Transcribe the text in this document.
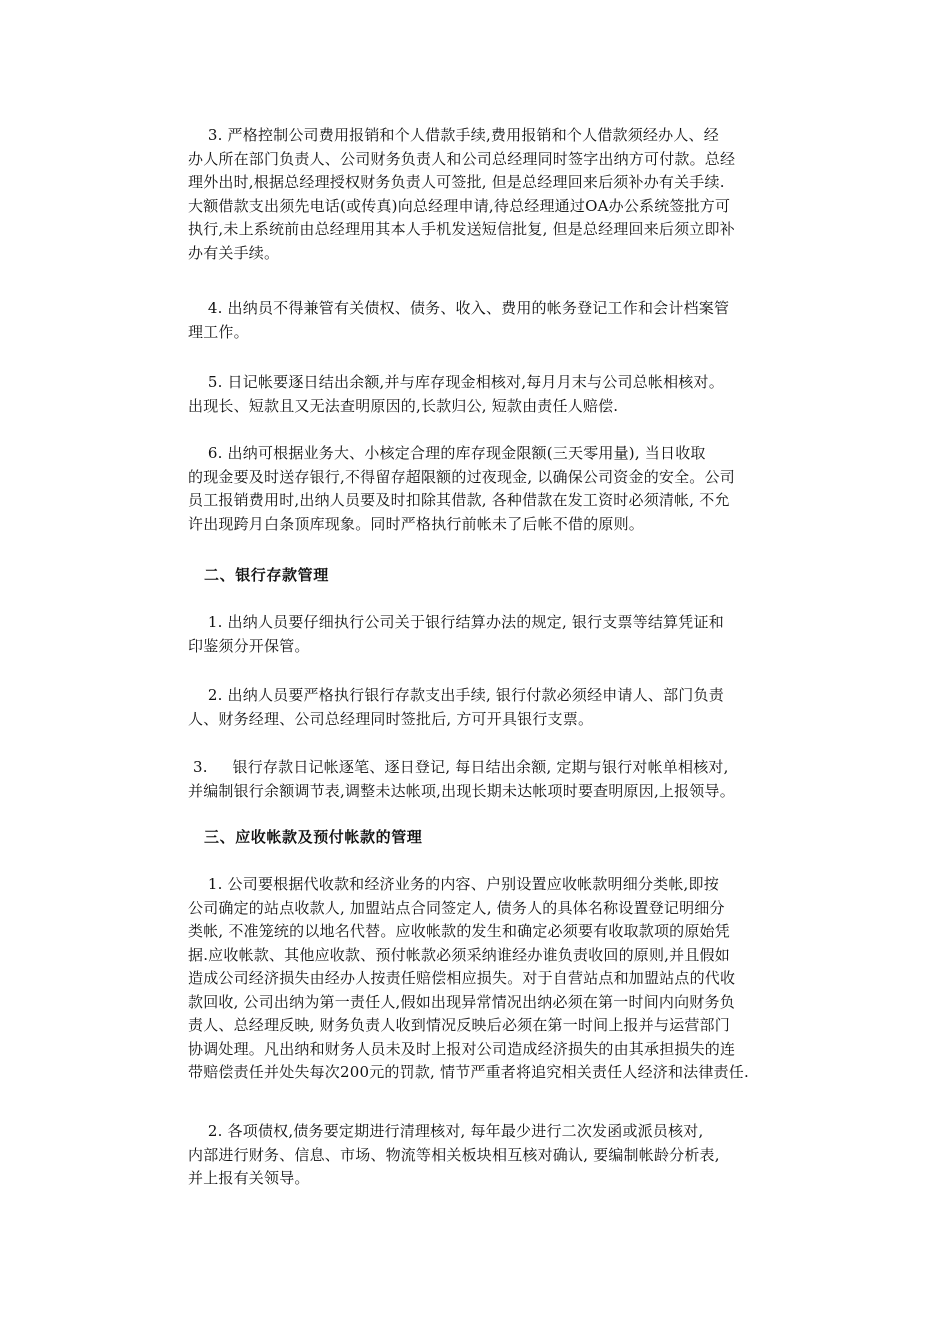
3. 严格控制公司费用报销和个人借款手续,费用报销和个人借款须经办人、经
办人所在部门负责人、公司财务负责人和公司总经理同时签字出纳方可付款。总经
理外出时,根据总经理授权财务负责人可签批, 但是总经理回来后须补办有关手续.
大额借款支出须先电话(或传真)向总经理申请,待总经理通过OA办公系统签批方可
执行,未上系统前由总经理用其本人手机发送短信批复, 但是总经理回来后须立即补
办有关手续。
4. 出纳员不得兼管有关债权、债务、收入、费用的帐务登记工作和会计档案管
理工作。
5. 日记帐要逐日结出余额,并与库存现金相核对,每月月末与公司总帐相核对。
出现长、短款且又无法查明原因的,长款归公, 短款由责任人赔偿.
6. 出纳可根据业务大、小核定合理的库存现金限额(三天零用量), 当日收取
的现金要及时送存银行,不得留存超限额的过夜现金, 以确保公司资金的安全。公司
员工报销费用时,出纳人员要及时扣除其借款, 各种借款在发工资时必须清帐, 不允
许出现跨月白条顶库现象。同时严格执行前帐未了后帐不借的原则。
二、银行存款管理
1. 出纳人员要仔细执行公司关于银行结算办法的规定, 银行支票等结算凭证和
印鉴须分开保管。
2. 出纳人员要严格执行银行存款支出手续, 银行付款必须经申请人、部门负责
人、财务经理、公司总经理同时签批后, 方可开具银行支票。
3.     银行存款日记帐逐笔、逐日登记, 每日结出余额, 定期与银行对帐单相核对,
并编制银行余额调节表,调整未达帐项,出现长期未达帐项时要查明原因,上报领导。
三、应收帐款及预付帐款的管理
1. 公司要根据代收款和经济业务的内容、户别设置应收帐款明细分类帐,即按
公司确定的站点收款人, 加盟站点合同签定人, 债务人的具体名称设置登记明细分
类帐, 不准笼统的以地名代替。应收帐款的发生和确定必须要有收取款项的原始凭
据.应收帐款、其他应收款、预付帐款必须采纳谁经办谁负责收回的原则,并且假如
造成公司经济损失由经办人按责任赔偿相应损失。对于自营站点和加盟站点的代收
款回收, 公司出纳为第一责任人,假如出现异常情况出纳必须在第一时间内向财务负
责人、总经理反映, 财务负责人收到情况反映后必须在第一时间上报并与运营部门
协调处理。凡出纳和财务人员未及时上报对公司造成经济损失的由其承担损失的连
带赔偿责任并处失每次200元的罚款, 情节严重者将追究相关责任人经济和法律责任.
2. 各项债权,债务要定期进行清理核对, 每年最少进行二次发函或派员核对,
内部进行财务、信息、市场、物流等相关板块相互核对确认, 要编制帐龄分析表,
并上报有关领导。
